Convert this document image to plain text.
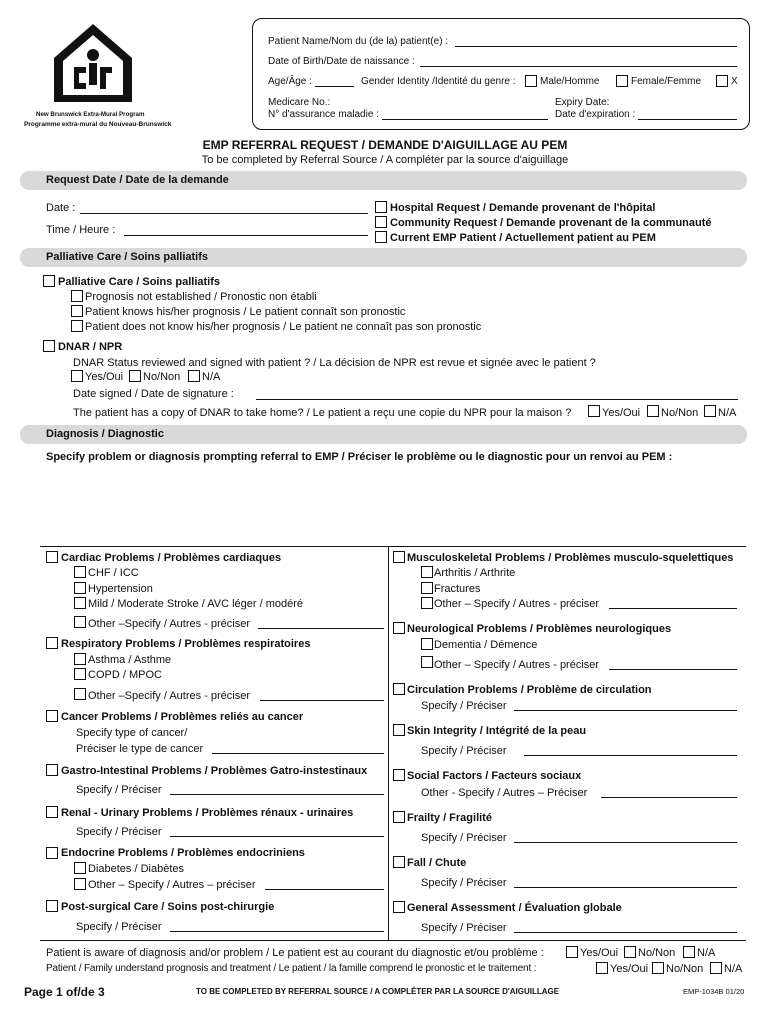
New Brunswick Extra-Mural Program
Programme extra-mural du Nouveau-Brunswick
Patient Name/Nom du (de la) patient(e) :
Date of Birth/Date de naissance :
Age/Âge :	Gender Identity /Identité du genre : Male/Homme	Female/Femme	X
Medicare No.:
N° d'assurance maladie :
Expiry Date:
Date d'expiration :
EMP REFERRAL REQUEST / DEMANDE D'AIGUILLAGE AU PEM
To be completed by Referral Source / A compléter par la source d'aiguillage
Request Date / Date de la demande
Date :
Time / Heure :
Hospital Request / Demande provenant de l'hôpital
Community Request / Demande provenant de la communauté
Current EMP Patient / Actuellement patient au PEM
Palliative Care / Soins palliatifs
Palliative Care / Soins palliatifs
Prognosis not established / Pronostic non établi
Patient knows his/her prognosis / Le patient connaît son pronostic
Patient does not know his/her prognosis / Le patient ne connaît pas son pronostic
DNAR / NPR
DNAR Status reviewed and signed with patient ? / La décision de NPR est revue et signée avec le patient ?
Yes/Oui No/Non N/A
Date signed / Date de signature :
The patient has a copy of DNAR to take home? / Le patient a reçu une copie du NPR pour la maison ?	Yes/Oui No/Non N/A
Diagnosis / Diagnostic
Specify problem or diagnosis prompting referral to EMP / Préciser le problème ou le diagnostic pour un renvoi au PEM :
Cardiac Problems / Problèmes cardiaques
CHF / ICC
Hypertension
Mild / Moderate Stroke / AVC léger / modéré
Other –Specify / Autres - préciser
Respiratory Problems / Problèmes respiratoires
Asthma / Asthme
COPD / MPOC
Other –Specify / Autres - préciser
Cancer Problems / Problèmes reliés au cancer
Specify type of cancer/
Préciser le type de cancer
Gastro-Intestinal Problems / Problèmes Gatro-instestinaux
Specify / Préciser
Renal - Urinary Problems / Problèmes rénaux - urinaires
Specify / Préciser
Endocrine Problems / Problèmes endocriniens
Diabetes / Diabètes
Other – Specify / Autres – préciser
Post-surgical Care / Soins post-chirurgie
Specify / Préciser
Musculoskeletal Problems / Problèmes musculo-squelettiques
Arthritis / Arthrite
Fractures
Other – Specify / Autres - préciser
Neurological Problems / Problèmes neurologiques
Dementia / Démence
Other – Specify / Autres - préciser
Circulation Problems / Problème de circulation
Specify / Préciser
Skin Integrity / Intégrité de la peau
Specify / Préciser
Social Factors / Facteurs sociaux
Other - Specify / Autres – Préciser
Frailty / Fragilité
Specify / Préciser
Fall / Chute
Specify / Préciser
General Assessment / Évaluation globale
Specify / Préciser
Patient is aware of diagnosis and/or problem / Le patient est au courant du diagnostic et/ou problème :	Yes/Oui No/Non N/A
Patient / Family understand prognosis and treatment / Le patient / la famille comprend le pronostic et le traitement :	Yes/Oui No/Non N/A
Page 1 of/de 3	TO BE COMPLETED BY REFERRAL SOURCE / A COMPLÉTER PAR LA SOURCE D'AIGUILLAGE	EMP-1034B 01/20
